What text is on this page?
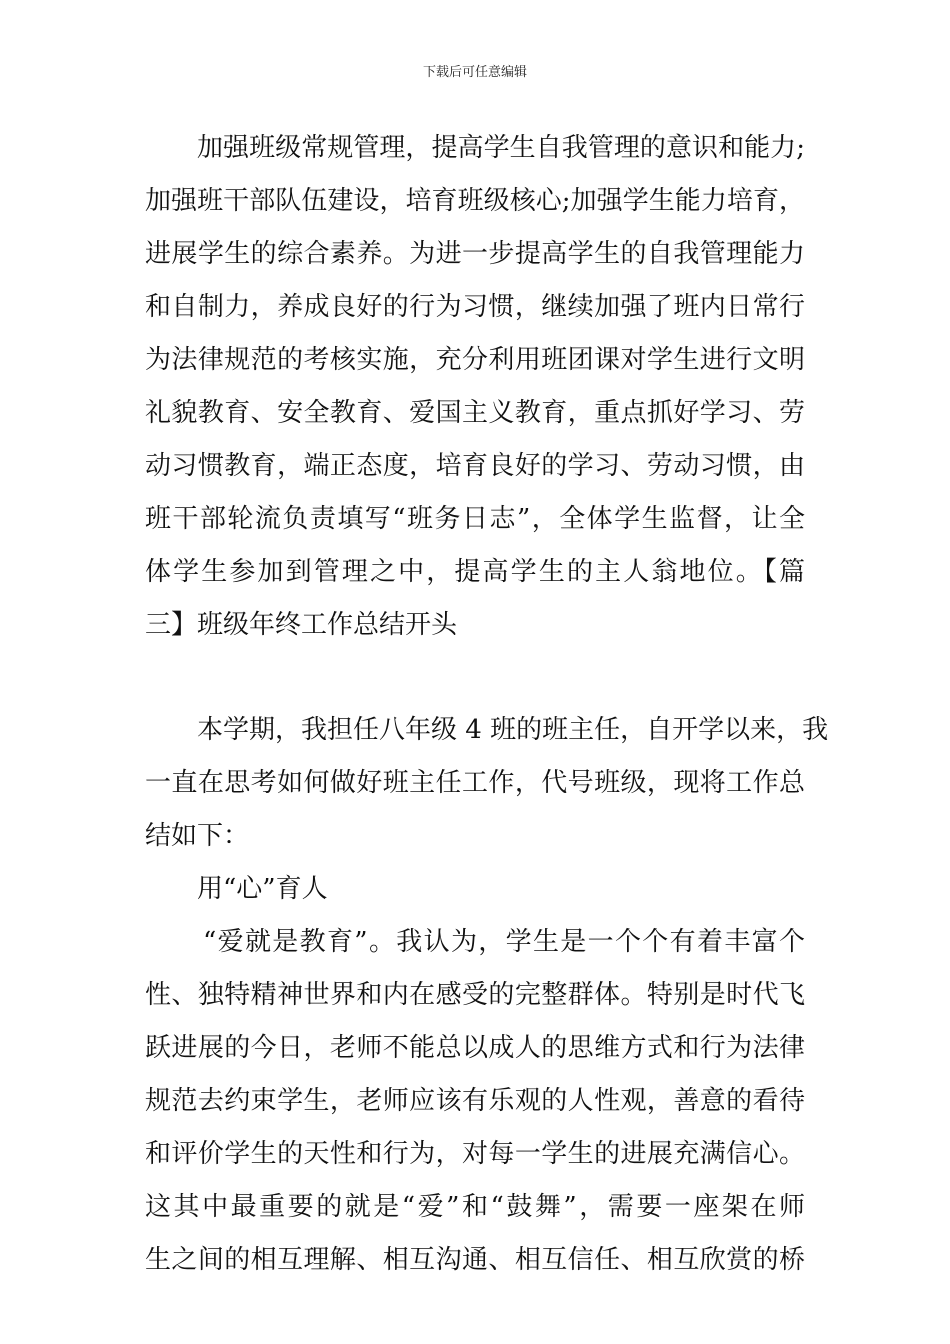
下载后可任意编辑
加强班级常规管理，提高学生自我管理的意识和能力;
加强班干部队伍建设，培育班级核心;加强学生能力培育，
进展学生的综合素养。为进一步提高学生的自我管理能力
和自制力，养成良好的行为习惯，继续加强了班内日常行
为法律规范的考核实施，充分利用班团课对学生进行文明
礼貌教育、安全教育、爱国主义教育，重点抓好学习、劳
动习惯教育，端正态度，培育良好的学习、劳动习惯，由
班干部轮流负责填写“班务日志”，全体学生监督，让全
体学生参加到管理之中，提高学生的主人翁地位。【篇
三】班级年终工作总结开头
本学期，我担任八年级 4 班的班主任，自开学以来，我
一直在思考如何做好班主任工作，代号班级，现将工作总
结如下：
用“心”育人
“爱就是教育”。我认为，学生是一个个有着丰富个
性、独特精神世界和内在感受的完整群体。特别是时代飞
跃进展的今日，老师不能总以成人的思维方式和行为法律
规范去约束学生，老师应该有乐观的人性观，善意的看待
和评价学生的天性和行为，对每一学生的进展充满信心。
这其中最重要的就是“爱”和“鼓舞”，需要一座架在师
生之间的相互理解、相互沟通、相互信任、相互欣赏的桥
